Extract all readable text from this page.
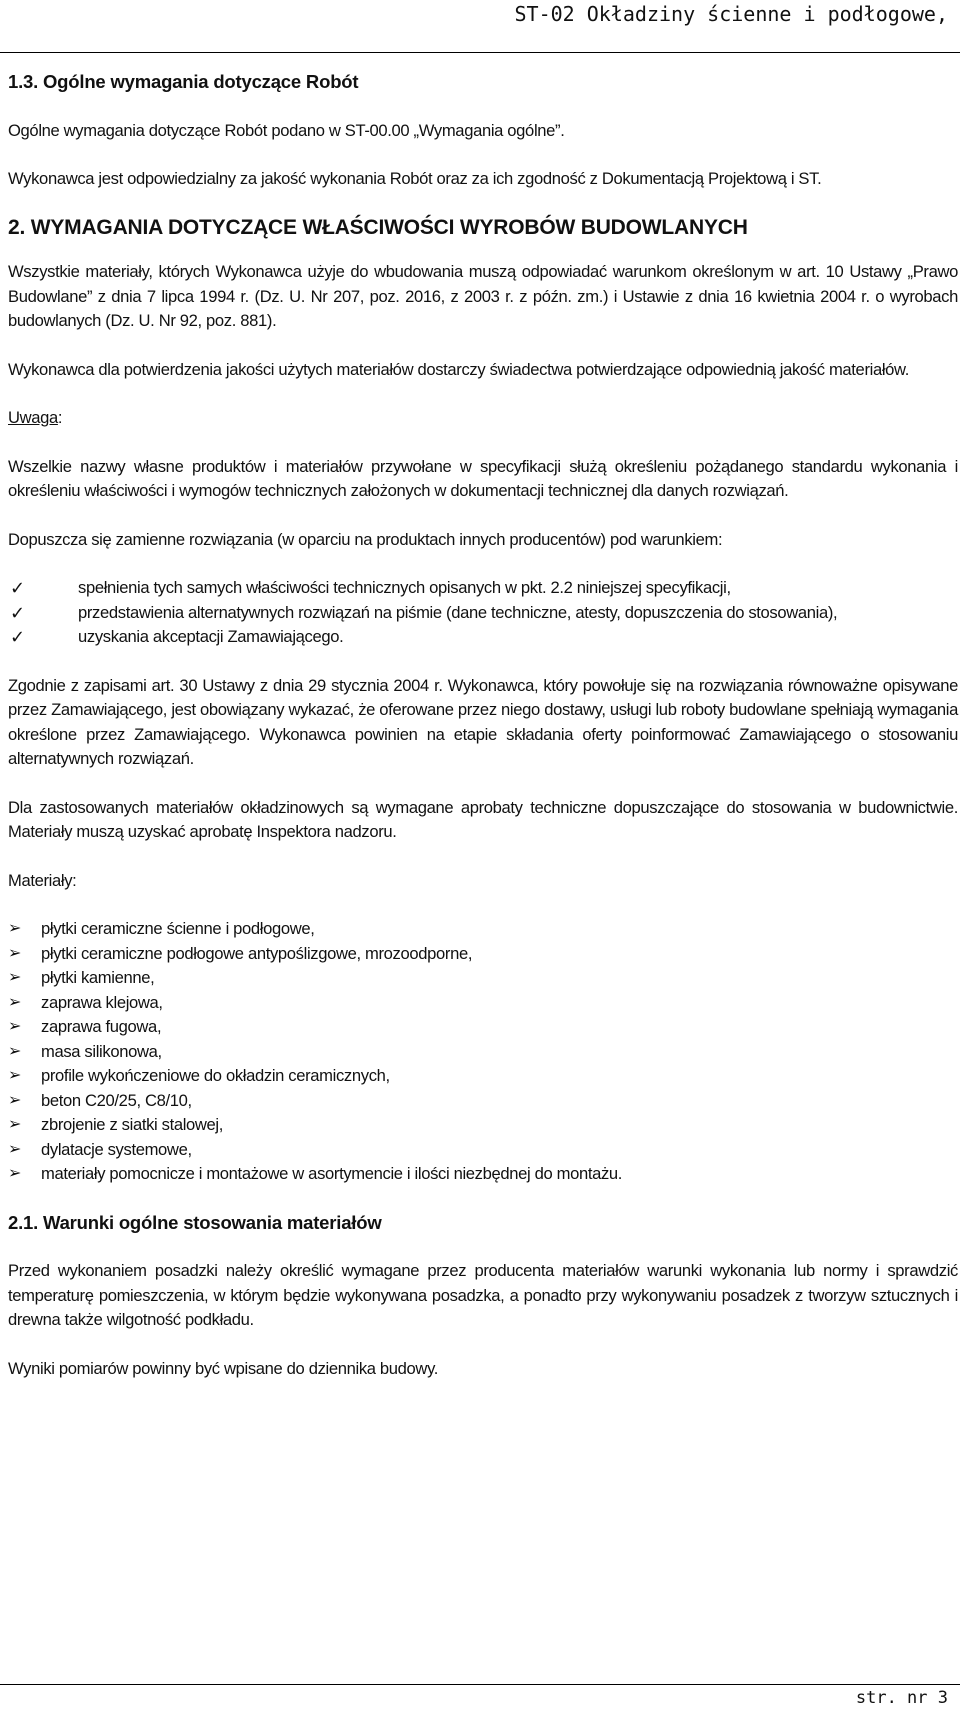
ST-02 Okładziny ścienne i podłogowe,

1.3. Ogólne wymagania dotyczące Robót

Ogólne wymagania dotyczące Robót podano w ST-00.00 „Wymagania ogólne”.

Wykonawca jest odpowiedzialny za jakość wykonania Robót oraz za ich zgodność z Dokumentacją Projektową i ST.

2. WYMAGANIA DOTYCZĄCE WŁAŚCIWOŚCI WYROBÓW BUDOWLANYCH

Wszystkie materiały, których Wykonawca użyje do wbudowania muszą odpowiadać warunkom określonym w art. 10 Ustawy „Prawo Budowlane” z dnia 7 lipca 1994 r. (Dz. U. Nr 207, poz. 2016, z 2003 r. z późn. zm.) i Ustawie z dnia 16 kwietnia 2004 r. o wyrobach budowlanych (Dz. U. Nr 92, poz. 881).

Wykonawca dla potwierdzenia jakości użytych materiałów dostarczy świadectwa potwierdzające odpowiednią jakość materiałów.

Uwaga:

Wszelkie nazwy własne produktów i materiałów przywołane w specyfikacji służą określeniu pożądanego standardu wykonania i określeniu właściwości i wymogów technicznych założonych w dokumentacji technicznej dla danych rozwiązań.

Dopuszcza się zamienne rozwiązania (w oparciu na produktach innych producentów) pod warunkiem:

✓	spełnienia tych samych właściwości technicznych opisanych w pkt. 2.2 niniejszej specyfikacji,
✓	przedstawienia alternatywnych rozwiązań na piśmie (dane techniczne, atesty, dopuszczenia do stosowania),
✓	uzyskania akceptacji Zamawiającego.

Zgodnie z zapisami art. 30 Ustawy z dnia 29 stycznia 2004 r. Wykonawca, który powołuje się na rozwiązania równoważne opisywane przez Zamawiającego, jest obowiązany wykazać, że oferowane przez niego dostawy, usługi lub roboty budowlane spełniają wymagania określone przez Zamawiającego. Wykonawca powinien na etapie składania oferty poinformować Zamawiającego o stosowaniu alternatywnych rozwiązań.

Dla zastosowanych materiałów okładzinowych są wymagane aprobaty techniczne dopuszczające do stosowania w budownictwie. Materiały muszą uzyskać aprobatę Inspektora nadzoru.

Materiały:

➢ płytki ceramiczne ścienne i podłogowe,
➢ płytki ceramiczne podłogowe antypoślizgowe, mrozoodporne,
➢ płytki kamienne,
➢ zaprawa klejowa,
➢ zaprawa fugowa,
➢ masa silikonowa,
➢ profile wykończeniowe do okładzin ceramicznych,
➢ beton C20/25, C8/10,
➢ zbrojenie z siatki stalowej,
➢ dylatacje systemowe,
➢ materiały pomocnicze i montażowe w asortymencie i ilości niezbędnej do montażu.

2.1. Warunki ogólne stosowania materiałów

Przed wykonaniem posadzki należy określić wymagane przez producenta materiałów warunki wykonania lub normy i sprawdzić temperaturę pomieszczenia, w którym będzie wykonywana posadzka, a ponadto przy wykonywaniu posadzek z tworzyw sztucznych i drewna także wilgotność podkładu.

Wyniki pomiarów powinny być wpisane do dziennika budowy.

str. nr 3
